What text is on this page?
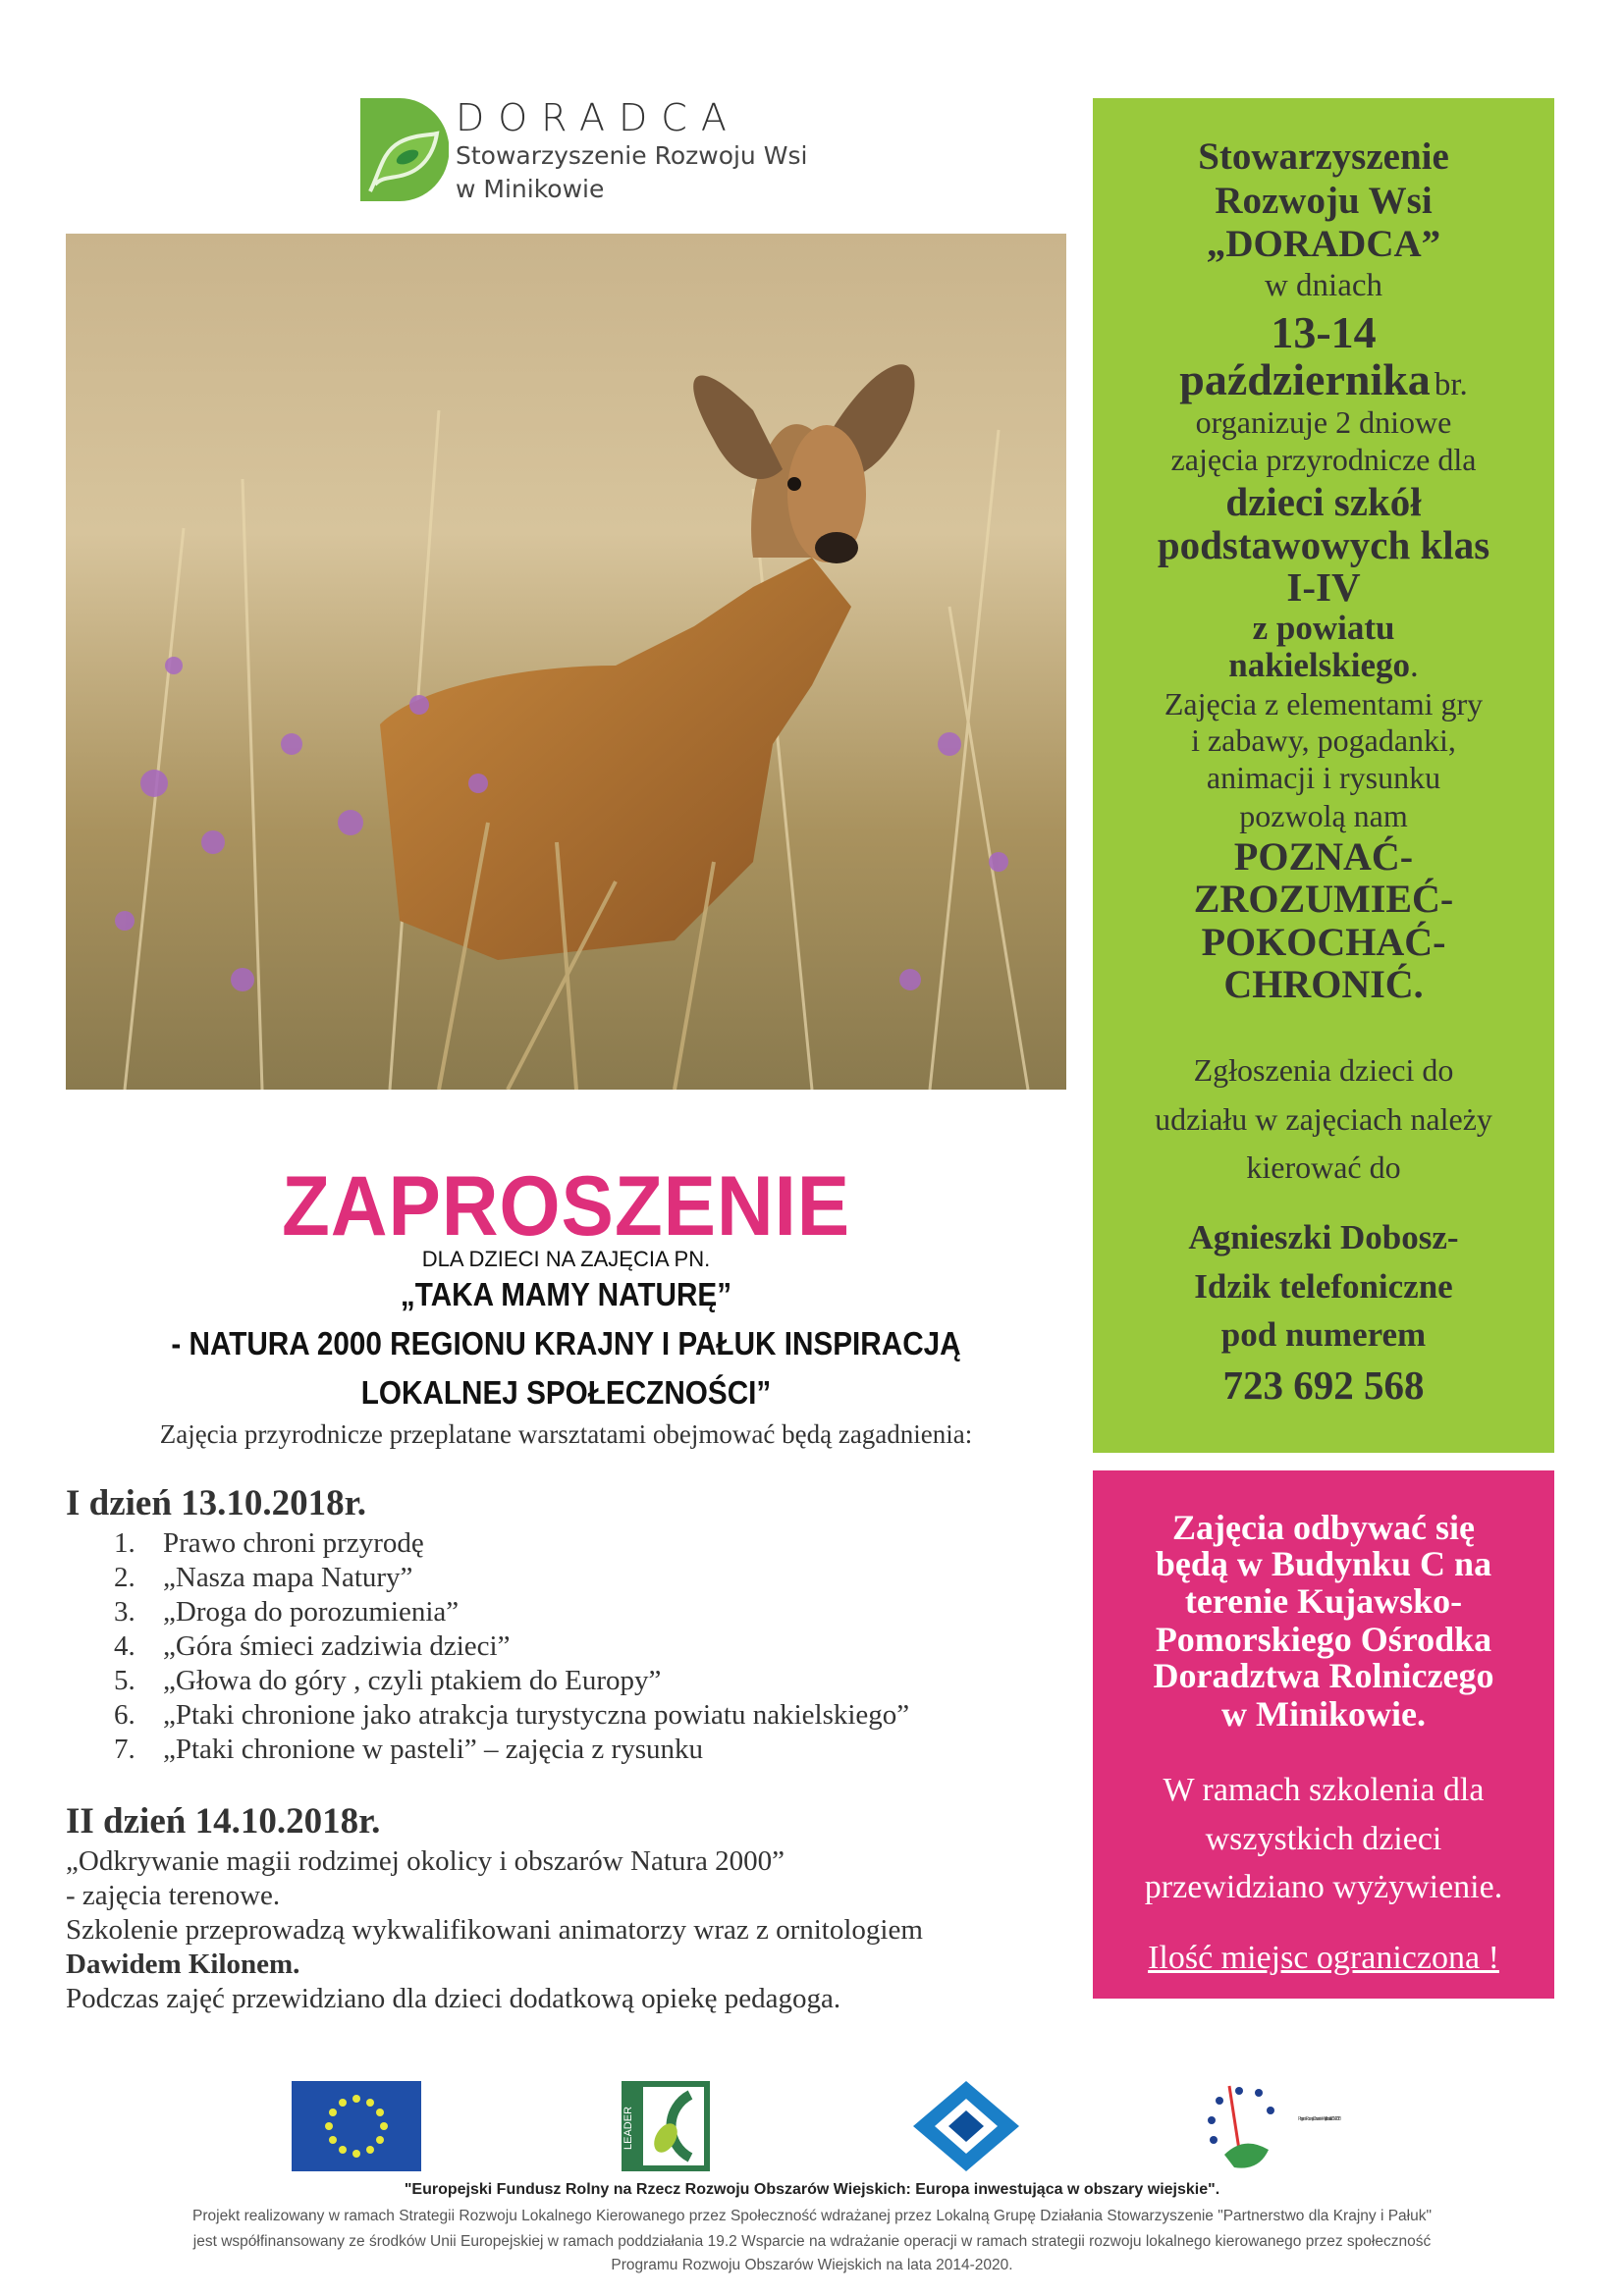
DORADCA
Stowarzyszenie Rozwoju Wsi
w Minikowie
ZAPROSZENIE
DLA DZIECI NA ZAJĘCIA PN.
„TAKA MAMY NATURĘ”
- NATURA 2000 REGIONU KRAJNY I PAŁUK INSPIRACJĄ
LOKALNEJ SPOŁECZNOŚCI”
Zajęcia przyrodnicze przeplatane warsztatami obejmować będą zagadnienia:
I dzień 13.10.2018r.
1. Prawo chroni przyrodę
2. „Nasza mapa Natury”
3. „Droga do porozumienia”
4. „Góra śmieci zadziwia dzieci”
5. „Głowa do góry , czyli ptakiem do Europy”
6. „Ptaki chronione jako atrakcja turystyczna powiatu nakielskiego”
7. „Ptaki chronione w pasteli” – zajęcia z rysunku
II dzień 14.10.2018r.
„Odkrywanie magii rodzimej okolicy i obszarów Natura 2000”
- zajęcia terenowe.
Szkolenie przeprowadzą wykwalifikowani animatorzy wraz z ornitologiem
Dawidem Kilonem.
Podczas zajęć przewidziano dla dzieci dodatkową opiekę pedagoga.
Stowarzyszenie
Rozwoju Wsi
„DORADCA”
w dniach
13-14
października br.
organizuje 2 dniowe
zajęcia przyrodnicze dla
dzieci szkół
podstawowych klas
I-IV
z powiatu
nakielskiego.
Zajęcia z elementami gry
i zabawy, pogadanki,
animacji i rysunku
pozwolą nam
POZNAĆ-
ZROZUMIEĆ-
POKOCHAĆ-
CHRONIĆ.
Zgłoszenia dzieci do
udziału w zajęciach należy
kierować do
Agnieszki Dobosz-
Idzik telefoniczne
pod numerem
723 692 568
Zajęcia odbywać się
będą w Budynku C na
terenie Kujawsko-
Pomorskiego Ośrodka
Doradztwa Rolniczego
w Minikowie.
W ramach szkolenia dla
wszystkich dzieci
przewidziano wyżywienie.
Ilość miejsc ograniczona !
LEADER	Program Rozwoju Obszarów Wiejskich na lata 2014-2020
"Europejski Fundusz Rolny na Rzecz Rozwoju Obszarów Wiejskich: Europa inwestująca w obszary wiejskie".
Projekt realizowany w ramach Strategii Rozwoju Lokalnego Kierowanego przez Społeczność wdrażanej przez Lokalną Grupę Działania Stowarzyszenie "Partnerstwo dla Krajny i Pałuk"
jest współfinansowany ze środków Unii Europejskiej w ramach poddziałania 19.2 Wsparcie na wdrażanie operacji w ramach strategii rozwoju lokalnego kierowanego przez społeczność
Programu Rozwoju Obszarów Wiejskich na lata 2014-2020.
